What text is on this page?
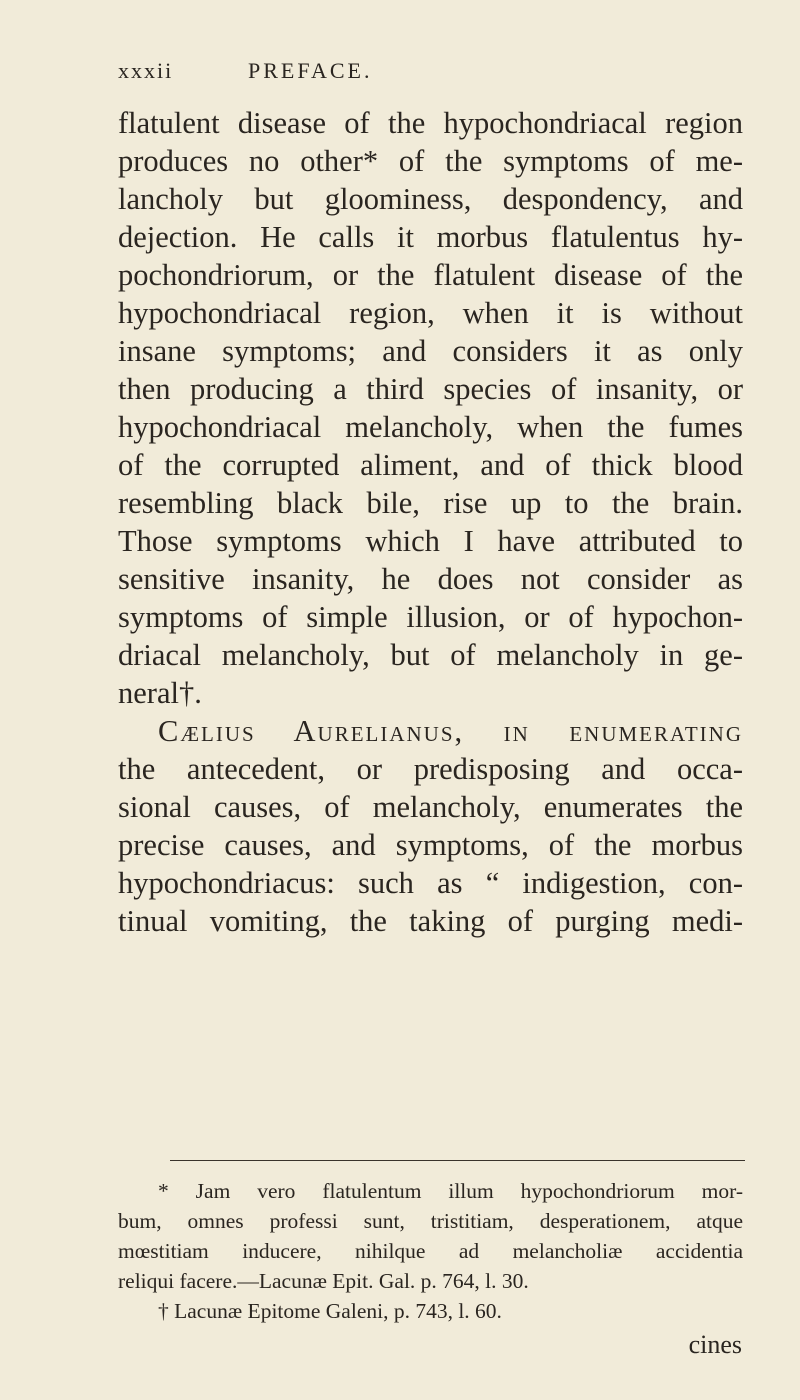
xxxii	PREFACE.
flatulent disease of the hypochondriacal region
produces no other* of the symptoms of me-
lancholy but gloominess, despondency, and
dejection. He calls it morbus flatulentus hy-
pochondriorum, or the flatulent disease of the
hypochondriacal region, when it is without
insane symptoms; and considers it as only
then producing a third species of insanity, or
hypochondriacal melancholy, when the fumes
of the corrupted aliment, and of thick blood
resembling black bile, rise up to the brain.
Those symptoms which I have attributed to
sensitive insanity, he does not consider as
symptoms of simple illusion, or of hypochon-
driacal melancholy, but of melancholy in ge-
neral†.
Cælius Aurelianus, in enumerating
the antecedent, or predisposing and occa-
sional causes, of melancholy, enumerates the
precise causes, and symptoms, of the morbus
hypochondriacus: such as “ indigestion, con-
tinual vomiting, the taking of purging medi-
* Jam vero flatulentum illum hypochondriorum mor-
bum, omnes professi sunt, tristitiam, desperationem, atque
mœstitiam inducere, nihilque ad melancholiæ accidentia
reliqui facere.—Lacunæ Epit. Gal. p. 764, l. 30.
† Lacunæ Epitome Galeni, p. 743, l. 60.
cines
